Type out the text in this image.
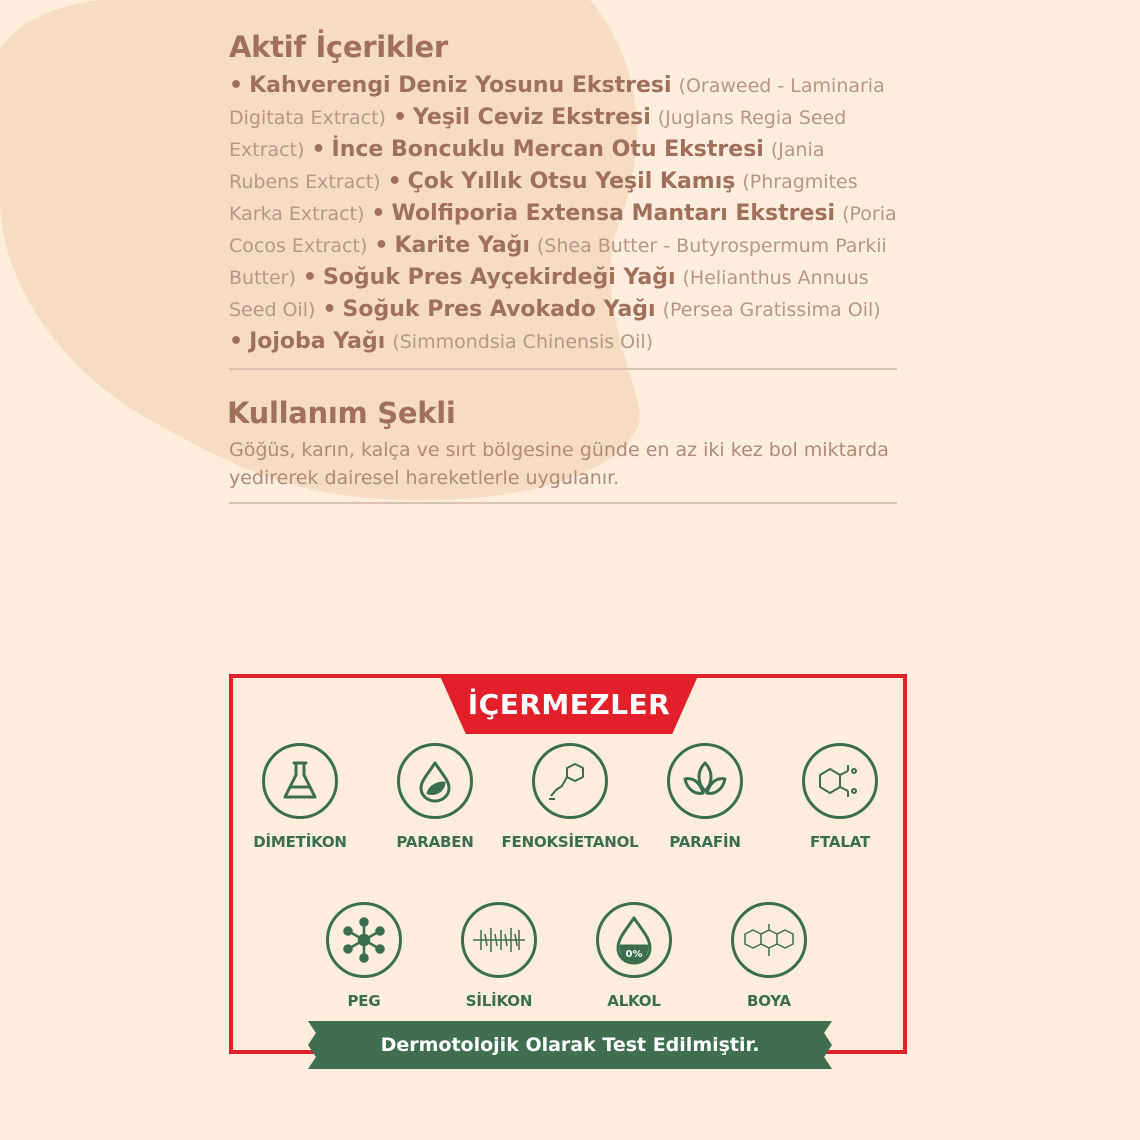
Aktif İçerikler

• Kahverengi Deniz Yosunu Ekstresi (Oraweed - Laminaria Digitata Extract) • Yeşil Ceviz Ekstresi (Juglans Regia Seed Extract) • İnce Boncuklu Mercan Otu Ekstresi (Jania Rubens Extract) • Çok Yıllık Otsu Yeşil Kamış (Phragmites Karka Extract) • Wolfiporia Extensa Mantarı Ekstresi (Poria Cocos Extract) • Karite Yağı (Shea Butter - Butyrospermum Parkii Butter) • Soğuk Pres Ayçekirdeği Yağı (Helianthus Annuus Seed Oil) • Soğuk Pres Avokado Yağı (Persea Gratissima Oil) • Jojoba Yağı (Simmondsia Chinensis Oil)

Kullanım Şekli

Göğüs, karın, kalça ve sırt bölgesine günde en az iki kez bol miktarda yedirerek dairesel hareketlerle uygulanır.

İÇERMEZLER
DİMETİKON	PARABEN	FENOKSİETANOL	PARAFİN	FTALAT
PEG	SİLİKON
0%
ALKOL	BOYA
Dermotolojik Olarak Test Edilmiştir.
